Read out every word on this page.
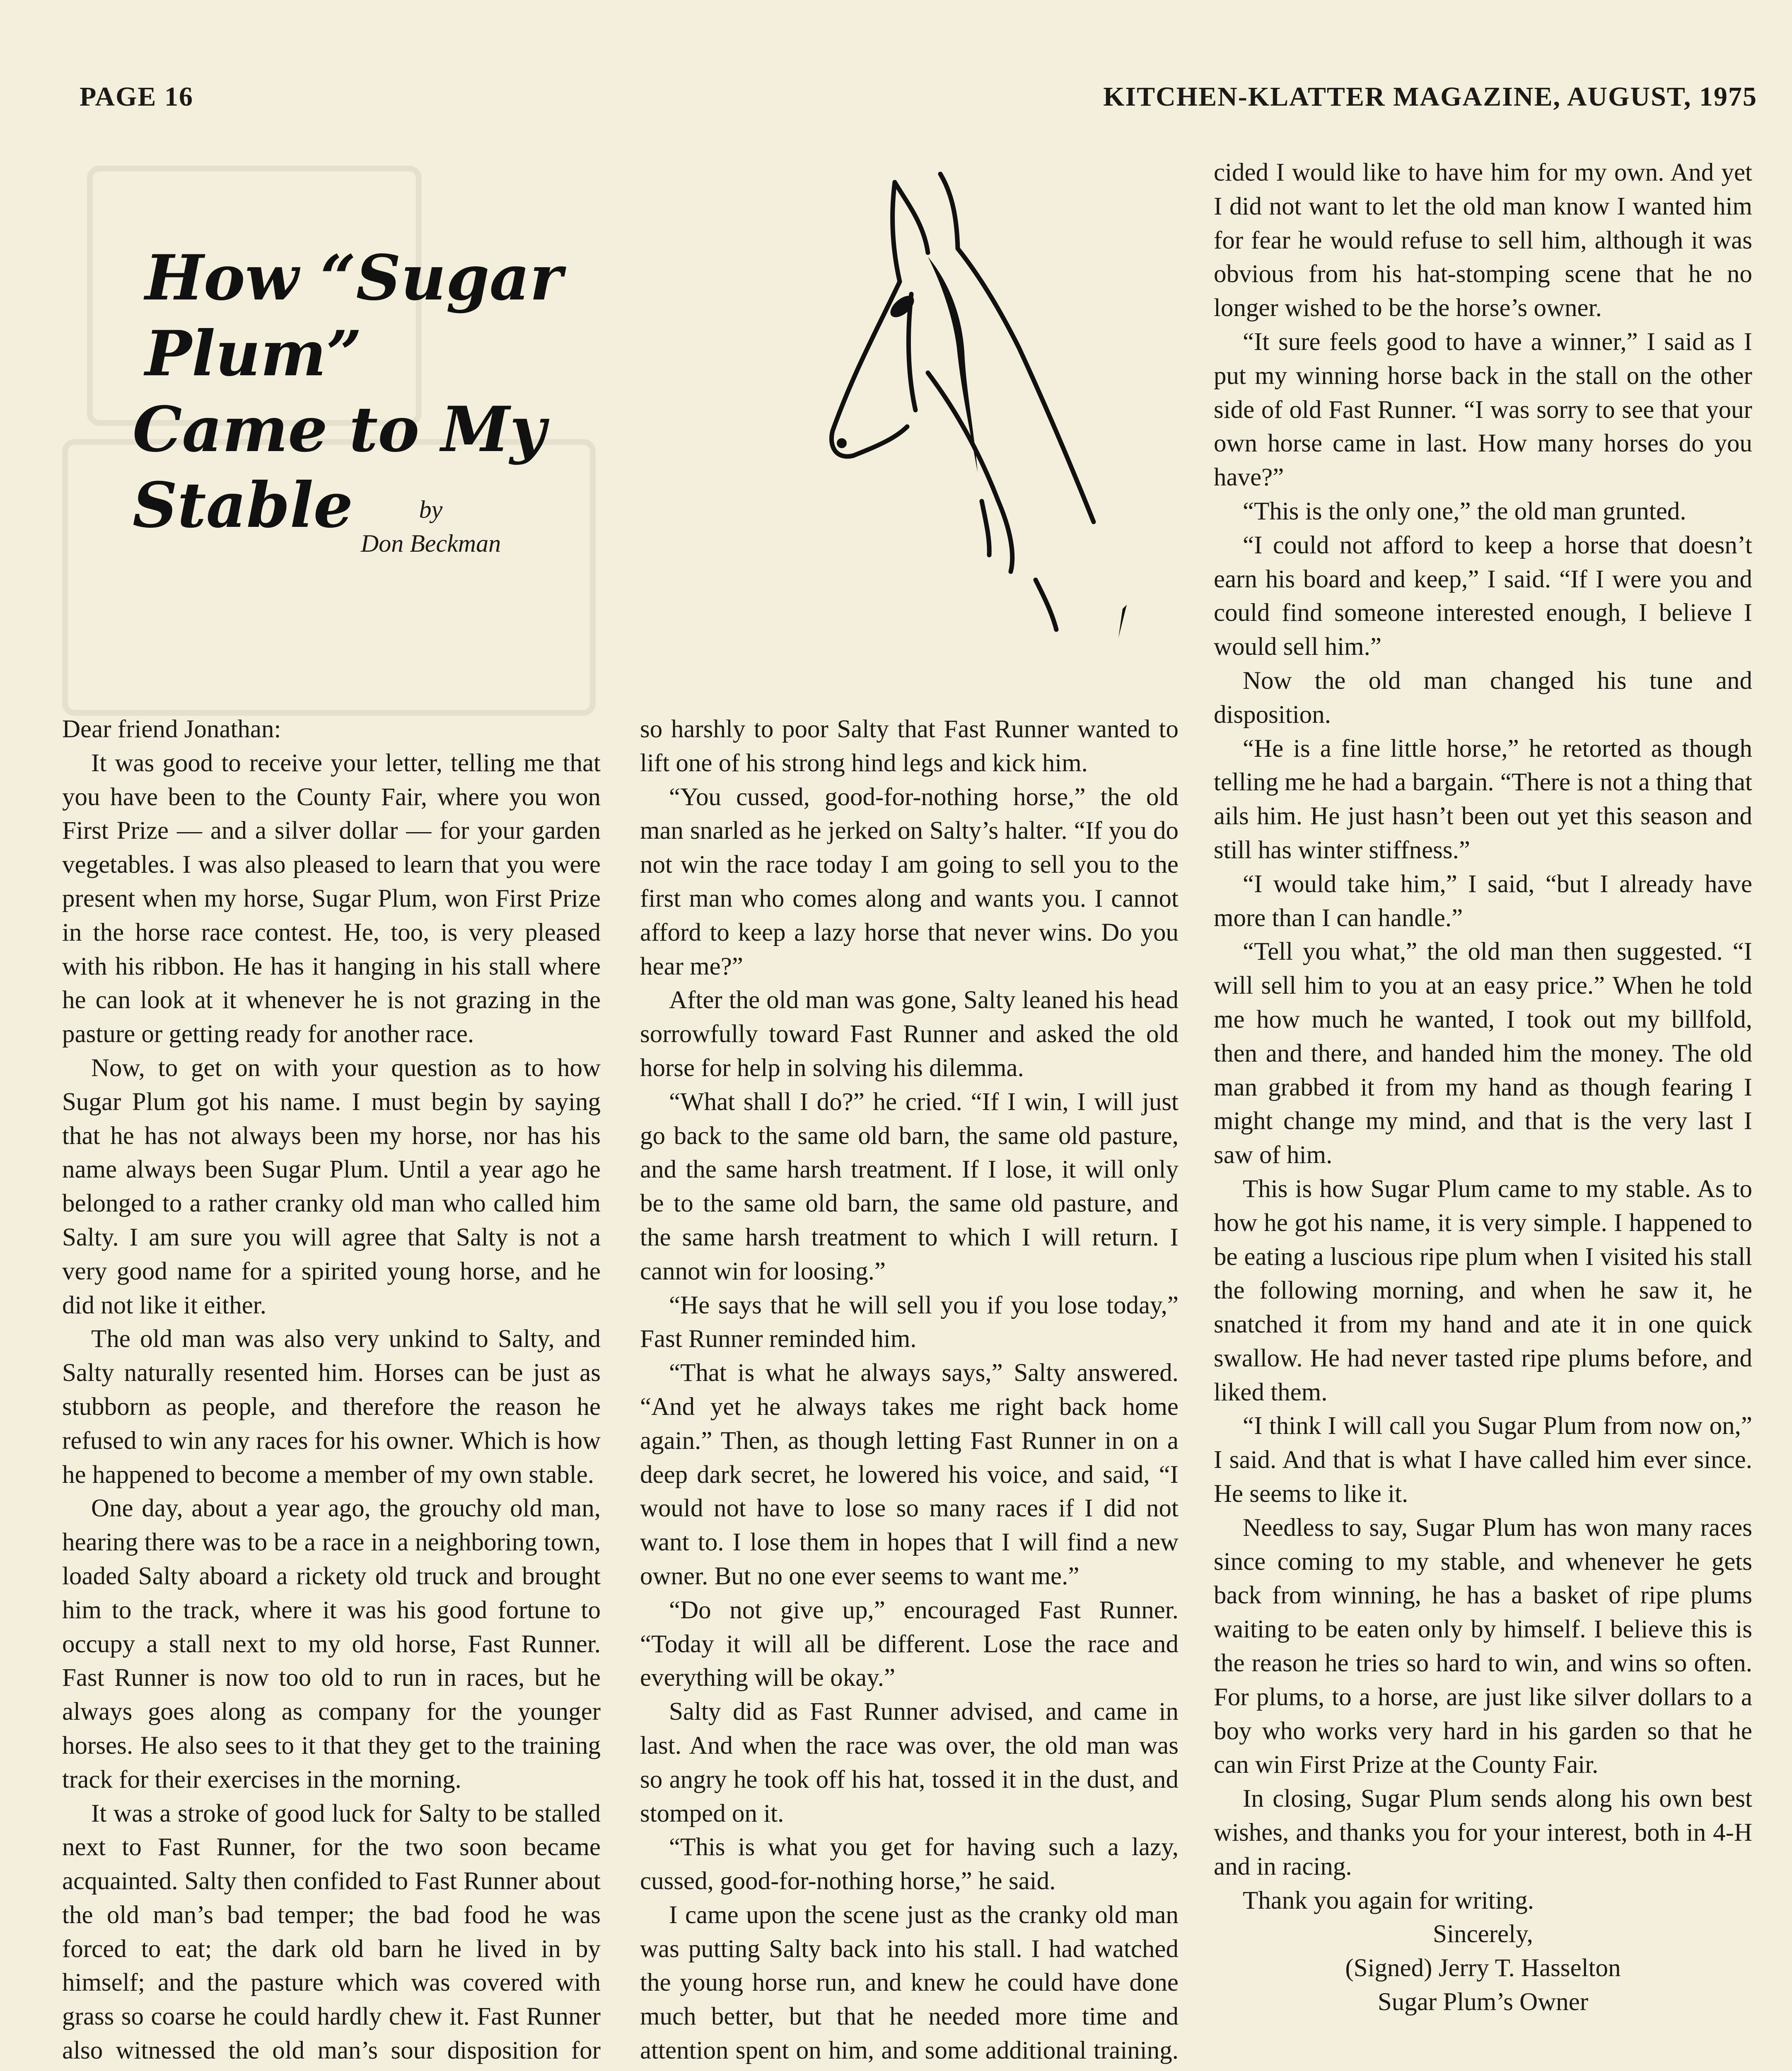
PAGE 16	KITCHEN-KLATTER MAGAZINE, AUGUST, 1975
How “Sugar Plum”
Came to My Stable	by
Don Beckman

Dear friend Jonathan:

It was good to receive your letter, telling me that you have been to the County Fair, where you won First Prize — and a silver dollar — for your garden vegetables. I was also pleased to learn that you were present when my horse, Sugar Plum, won First Prize in the horse race contest. He, too, is very pleased with his ribbon. He has it hanging in his stall where he can look at it whenever he is not grazing in the pasture or getting ready for another race.

Now, to get on with your question as to how Sugar Plum got his name. I must begin by saying that he has not always been my horse, nor has his name always been Sugar Plum. Until a year ago he belonged to a rather cranky old man who called him Salty. I am sure you will agree that Salty is not a very good name for a spirited young horse, and he did not like it either.

The old man was also very unkind to Salty, and Salty naturally resented him. Horses can be just as stubborn as people, and therefore the reason he refused to win any races for his owner. Which is how he happened to become a member of my own stable.

One day, about a year ago, the grouchy old man, hearing there was to be a race in a neighboring town, loaded Salty aboard a rickety old truck and brought him to the track, where it was his good fortune to occupy a stall next to my old horse, Fast Runner. Fast Runner is now too old to run in races, but he always goes along as company for the younger horses. He also sees to it that they get to the training track for their exercises in the morning.

It was a stroke of good luck for Salty to be stalled next to Fast Runner, for the two soon became acquainted. Salty then confided to Fast Runner about the old man’s bad temper; the bad food he was forced to eat; the dark old barn he lived in by himself; and the pasture which was covered with grass so coarse he could hardly chew it. Fast Runner also witnessed the old man’s sour disposition for

so harshly to poor Salty that Fast Runner wanted to lift one of his strong hind legs and kick him.

“You cussed, good-for-nothing horse,” the old man snarled as he jerked on Salty’s halter. “If you do not win the race today I am going to sell you to the first man who comes along and wants you. I cannot afford to keep a lazy horse that never wins. Do you hear me?”

After the old man was gone, Salty leaned his head sorrowfully toward Fast Runner and asked the old horse for help in solving his dilemma.

“What shall I do?” he cried. “If I win, I will just go back to the same old barn, the same old pasture, and the same harsh treatment. If I lose, it will only be to the same old barn, the same old pasture, and the same harsh treatment to which I will return. I cannot win for loosing.”

“He says that he will sell you if you lose today,” Fast Runner reminded him.

“That is what he always says,” Salty answered. “And yet he always takes me right back home again.” Then, as though letting Fast Runner in on a deep dark secret, he lowered his voice, and said, “I would not have to lose so many races if I did not want to. I lose them in hopes that I will find a new owner. But no one ever seems to want me.”

“Do not give up,” encouraged Fast Runner. “Today it will all be different. Lose the race and everything will be okay.”

Salty did as Fast Runner advised, and came in last. And when the race was over, the old man was so angry he took off his hat, tossed it in the dust, and stomped on it.

“This is what you get for having such a lazy, cussed, good-for-nothing horse,” he said.

I came upon the scene just as the cranky old man was putting Salty back into his stall. I had watched the young horse run, and knew he could have done much better, but that he needed more time and attention spent on him, and some additional training.

cided I would like to have him for my own. And yet I did not want to let the old man know I wanted him for fear he would refuse to sell him, although it was obvious from his hat-stomping scene that he no longer wished to be the horse’s owner.

“It sure feels good to have a winner,” I said as I put my winning horse back in the stall on the other side of old Fast Runner. “I was sorry to see that your own horse came in last. How many horses do you have?”

“This is the only one,” the old man grunted.

“I could not afford to keep a horse that doesn’t earn his board and keep,” I said. “If I were you and could find someone interested enough, I believe I would sell him.”

Now the old man changed his tune and disposition.

“He is a fine little horse,” he retorted as though telling me he had a bargain. “There is not a thing that ails him. He just hasn’t been out yet this season and still has winter stiffness.”

“I would take him,” I said, “but I already have more than I can handle.”

“Tell you what,” the old man then suggested. “I will sell him to you at an easy price.” When he told me how much he wanted, I took out my billfold, then and there, and handed him the money. The old man grabbed it from my hand as though fearing I might change my mind, and that is the very last I saw of him.

This is how Sugar Plum came to my stable. As to how he got his name, it is very simple. I happened to be eating a luscious ripe plum when I visited his stall the following morning, and when he saw it, he snatched it from my hand and ate it in one quick swallow. He had never tasted ripe plums before, and liked them.

“I think I will call you Sugar Plum from now on,” I said. And that is what I have called him ever since. He seems to like it.

Needless to say, Sugar Plum has won many races since coming to my stable, and whenever he gets back from winning, he has a basket of ripe plums waiting to be eaten only by himself. I believe this is the reason he tries so hard to win, and wins so often. For plums, to a horse, are just like silver dollars to a boy who works very hard in his garden so that he can win First Prize at the County Fair.

In closing, Sugar Plum sends along his own best wishes, and thanks you for your interest, both in 4-H and in racing.

Thank you again for writing.

Sincerely,
(Signed) Jerry T. Hasselton
Sugar Plum’s Owner
